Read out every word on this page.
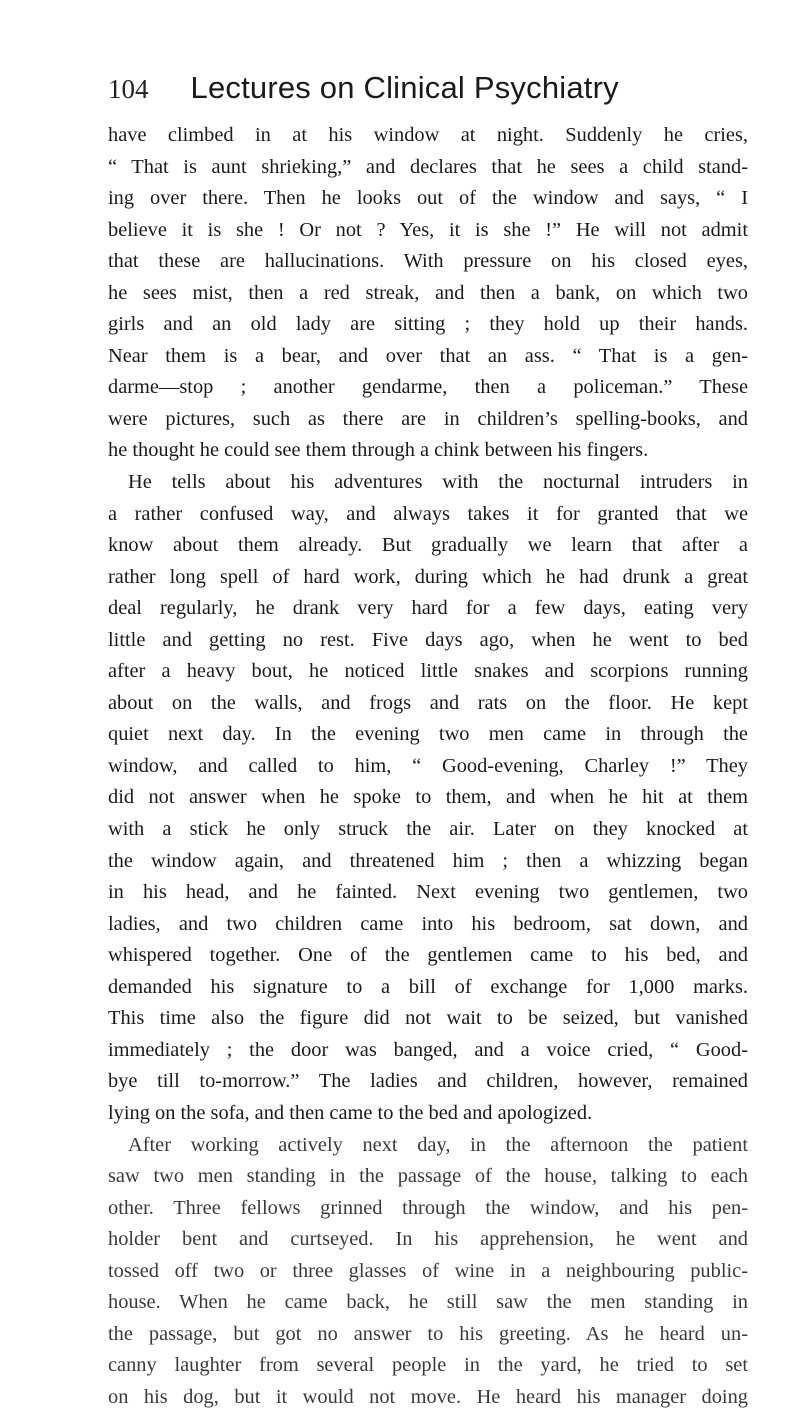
104 Lectures on Clinical Psychiatry
have climbed in at his window at night. Suddenly he cries,
“ That is aunt shrieking,” and declares that he sees a child stand-
ing over there. Then he looks out of the window and says, “ I
believe it is she ! Or not ? Yes, it is she !” He will not admit
that these are hallucinations. With pressure on his closed eyes,
he sees mist, then a red streak, and then a bank, on which two
girls and an old lady are sitting ; they hold up their hands.
Near them is a bear, and over that an ass. “ That is a gen-
darme—stop ; another gendarme, then a policeman.” These
were pictures, such as there are in children’s spelling-books, and
he thought he could see them through a chink between his fingers.
He tells about his adventures with the nocturnal intruders in
a rather confused way, and always takes it for granted that we
know about them already. But gradually we learn that after a
rather long spell of hard work, during which he had drunk a great
deal regularly, he drank very hard for a few days, eating very
little and getting no rest. Five days ago, when he went to bed
after a heavy bout, he noticed little snakes and scorpions running
about on the walls, and frogs and rats on the floor. He kept
quiet next day. In the evening two men came in through the
window, and called to him, “ Good-evening, Charley !” They
did not answer when he spoke to them, and when he hit at them
with a stick he only struck the air. Later on they knocked at
the window again, and threatened him ; then a whizzing began
in his head, and he fainted. Next evening two gentlemen, two
ladies, and two children came into his bedroom, sat down, and
whispered together. One of the gentlemen came to his bed, and
demanded his signature to a bill of exchange for 1,000 marks.
This time also the figure did not wait to be seized, but vanished
immediately ; the door was banged, and a voice cried, “ Good-
bye till to-morrow.” The ladies and children, however, remained
lying on the sofa, and then came to the bed and apologized.
After working actively next day, in the afternoon the patient
saw two men standing in the passage of the house, talking to each
other. Three fellows grinned through the window, and his pen-
holder bent and curtseyed. In his apprehension, he went and
tossed off two or three glasses of wine in a neighbouring public-
house. When he came back, he still saw the men standing in
the passage, but got no answer to his greeting. As he heard un-
canny laughter from several people in the yard, he tried to set
on his dog, but it would not move. He heard his manager doing
